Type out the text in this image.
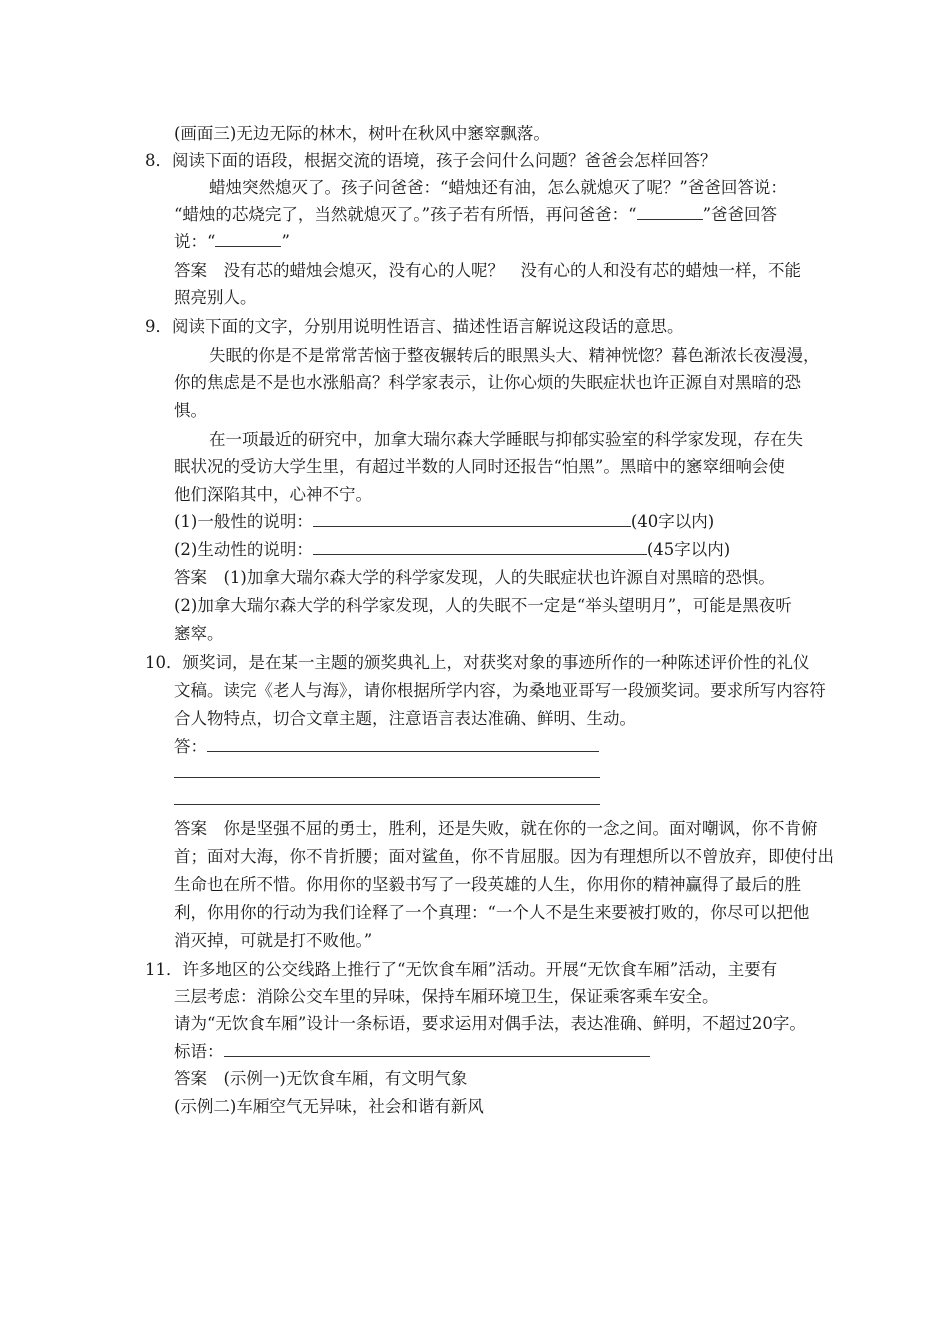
(画面三)无边无际的林木，树叶在秋风中窸窣飘落。
8．阅读下面的语段，根据交流的语境，孩子会问什么问题？爸爸会怎样回答？
蜡烛突然熄灭了。孩子问爸爸：“蜡烛还有油，怎么就熄灭了呢？”爸爸回答说：
“蜡烛的芯烧完了，当然就熄灭了。”孩子若有所悟，再问爸爸：“	”爸爸回答
说：“	”
答案　没有芯的蜡烛会熄灭，没有心的人呢？　没有心的人和没有芯的蜡烛一样，不能
照亮别人。
9．阅读下面的文字，分别用说明性语言、描述性语言解说这段话的意思。
失眠的你是不是常常苦恼于整夜辗转后的眼黑头大、精神恍惚？暮色渐浓长夜漫漫，
你的焦虑是不是也水涨船高？科学家表示，让你心烦的失眠症状也许正源自对黑暗的恐
惧。
在一项最近的研究中，加拿大瑞尔森大学睡眠与抑郁实验室的科学家发现，存在失
眠状况的受访大学生里，有超过半数的人同时还报告“怕黑”。黑暗中的窸窣细响会使
他们深陷其中，心神不宁。
(1)一般性的说明：	(40字以内)
(2)生动性的说明：	(45字以内)
答案　(1)加拿大瑞尔森大学的科学家发现，人的失眠症状也许源自对黑暗的恐惧。
(2)加拿大瑞尔森大学的科学家发现，人的失眠不一定是“举头望明月”，可能是黑夜听
窸窣。
10．颁奖词，是在某一主题的颁奖典礼上，对获奖对象的事迹所作的一种陈述评价性的礼仪
文稿。读完《老人与海》，请你根据所学内容，为桑地亚哥写一段颁奖词。要求所写内容符
合人物特点，切合文章主题，注意语言表达准确、鲜明、生动。
答：
答案　你是坚强不屈的勇士，胜利，还是失败，就在你的一念之间。面对嘲讽，你不肯俯
首；面对大海，你不肯折腰；面对鲨鱼，你不肯屈服。因为有理想所以不曾放弃，即使付出
生命也在所不惜。你用你的坚毅书写了一段英雄的人生，你用你的精神赢得了最后的胜
利，你用你的行动为我们诠释了一个真理：“一个人不是生来要被打败的，你尽可以把他
消灭掉，可就是打不败他。”
11．许多地区的公交线路上推行了“无饮食车厢”活动。开展“无饮食车厢”活动，主要有
三层考虑：消除公交车里的异味，保持车厢环境卫生，保证乘客乘车安全。
请为“无饮食车厢”设计一条标语，要求运用对偶手法，表达准确、鲜明，不超过20字。
标语：
答案　(示例一)无饮食车厢，有文明气象
(示例二)车厢空气无异味，社会和谐有新风
